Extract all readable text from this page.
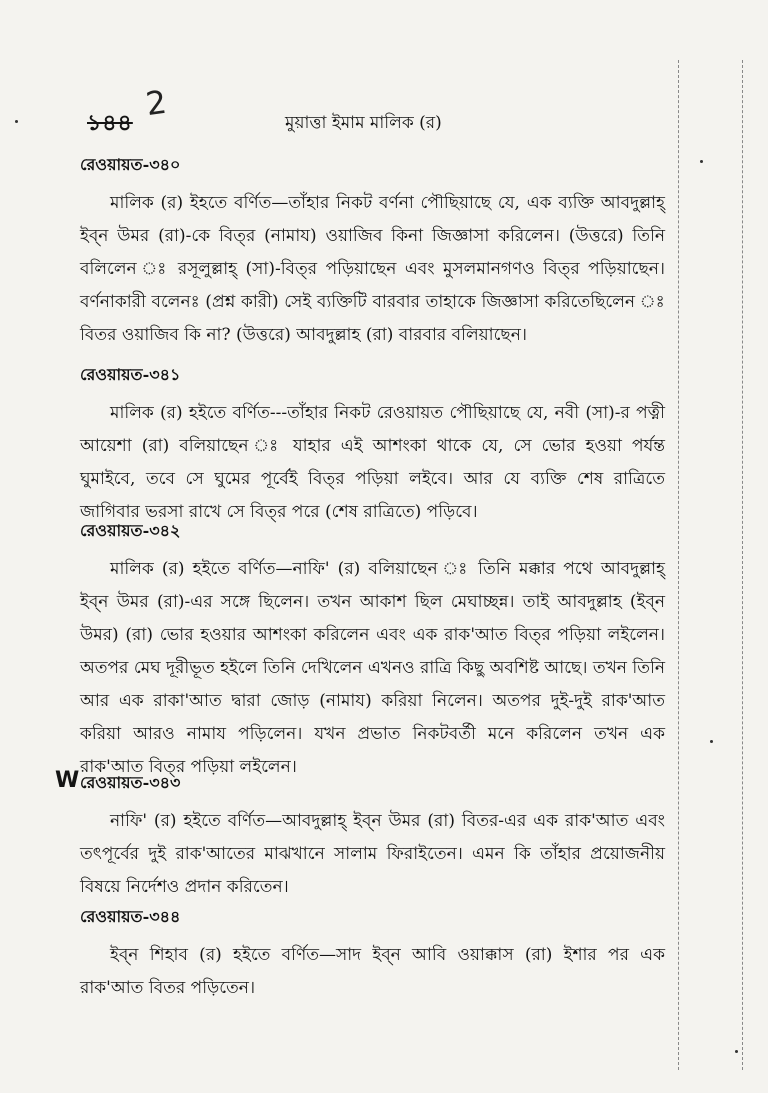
১৪৪ 2	মুয়াত্তা ইমাম মালিক (র)
রেওয়ায়ত-৩৪০

মালিক (র) ইহতে বর্ণিত—তাঁহার নিকট বর্ণনা পৌছিয়াছে যে, এক ব্যক্তি আবদুল্লাহ্ ইব্‌ন উমর (রা)-কে বিত্‌র (নামায) ওয়াজিব কিনা জিজ্ঞাসা করিলেন। (উত্তরে) তিনি বলিলেন ঃ রসূলুল্লাহ্ (সা)-বিত্‌র পড়িয়াছেন এবং মুসলমানগণও বিত্‌র পড়িয়াছেন। বর্ণনাকারী বলেনঃ (প্রশ্ন কারী) সেই ব্যক্তিটি বারবার তাহাকে জিজ্ঞাসা করিতেছিলেন ঃ বিতর ওয়াজিব কি না? (উত্তরে) আবদুল্লাহ (রা) বারবার বলিয়াছেন।

রেওয়ায়ত-৩৪১

মালিক (র) হইতে বর্ণিত---তাঁহার নিকট রেওয়ায়ত পৌছিয়াছে যে, নবী (সা)-র পত্নী আয়েশা (রা) বলিয়াছেন ঃ যাহার এই আশংকা থাকে যে, সে ভোর হওয়া পর্যন্ত ঘুমাইবে, তবে সে ঘুমের পূর্বেই বিত্‌র পড়িয়া লইবে। আর যে ব্যক্তি শেষ রাত্রিতে জাগিবার ভরসা রাখে সে বিত্‌র পরে (শেষ রাত্রিতে) পড়িবে।

রেওয়ায়ত-৩৪২

মালিক (র) হইতে বর্ণিত—নাফি' (র) বলিয়াছেন ঃ তিনি মক্কার পথে আবদুল্লাহ্ ইব্‌ন উমর (রা)-এর সঙ্গে ছিলেন। তখন আকাশ ছিল মেঘাচ্ছন্ন। তাই আবদুল্লাহ (ইব্‌ন উমর) (রা) ভোর হওয়ার আশংকা করিলেন এবং এক রাক'আত বিত্‌র পড়িয়া লইলেন। অতপর মেঘ দূরীভূত হইলে তিনি দেখিলেন এখনও রাত্রি কিছু অবশিষ্ট আছে। তখন তিনি আর এক রাকা'আত দ্বারা জোড় (নামায) করিয়া নিলেন। অতপর দুই-দুই রাক'আত করিয়া আরও নামায পড়িলেন। যখন প্রভাত নিকটবর্তী মনে করিলেন তখন এক রাক'আত বিত্‌র পড়িয়া লইলেন।

W রেওয়ায়ত-৩৪৩

নাফি' (র) হইতে বর্ণিত—আবদুল্লাহ্ ইব্‌ন উমর (রা) বিতর-এর এক রাক'আত এবং তৎপূর্বের দুই রাক'আতের মাঝখানে সালাম ফিরাইতেন। এমন কি তাঁহার প্রয়োজনীয় বিষয়ে নির্দেশও প্রদান করিতেন।

রেওয়ায়ত-৩৪৪

ইব্‌ন শিহাব (র) হইতে বর্ণিত—সাদ ইব্‌ন আবি ওয়াক্কাস (রা) ইশার পর এক রাক'আত বিতর পড়িতেন।
